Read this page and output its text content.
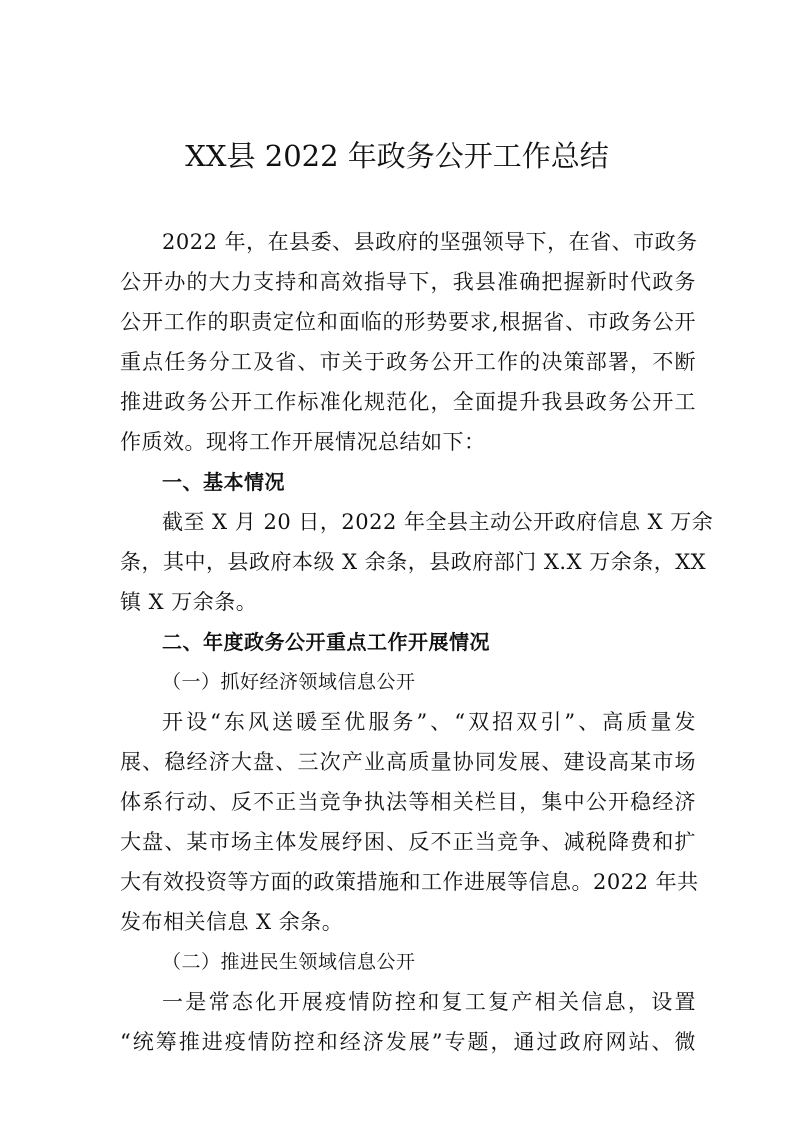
XX县 2022 年政务公开工作总结
2022 年，在县委、县政府的坚强领导下，在省、市政务
公开办的大力支持和高效指导下，我县准确把握新时代政务
公开工作的职责定位和面临的形势要求,根据省、市政务公开
重点任务分工及省、市关于政务公开工作的决策部署，不断
推进政务公开工作标准化规范化，全面提升我县政务公开工
作质效。现将工作开展情况总结如下：
一、基本情况
截至 X 月 20 日，2022 年全县主动公开政府信息 X 万余
条，其中，县政府本级 X 余条，县政府部门 X.X 万余条，XX
镇 X 万余条。
二、年度政务公开重点工作开展情况
（一）抓好经济领域信息公开
开设“东风送暖至优服务”、“双招双引”、高质量发
展、稳经济大盘、三次产业高质量协同发展、建设高某市场
体系行动、反不正当竞争执法等相关栏目，集中公开稳经济
大盘、某市场主体发展纾困、反不正当竞争、减税降费和扩
大有效投资等方面的政策措施和工作进展等信息。2022 年共
发布相关信息 X 余条。
（二）推进民生领域信息公开
一是常态化开展疫情防控和复工复产相关信息，设置
“统筹推进疫情防控和经济发展”专题，通过政府网站、微
